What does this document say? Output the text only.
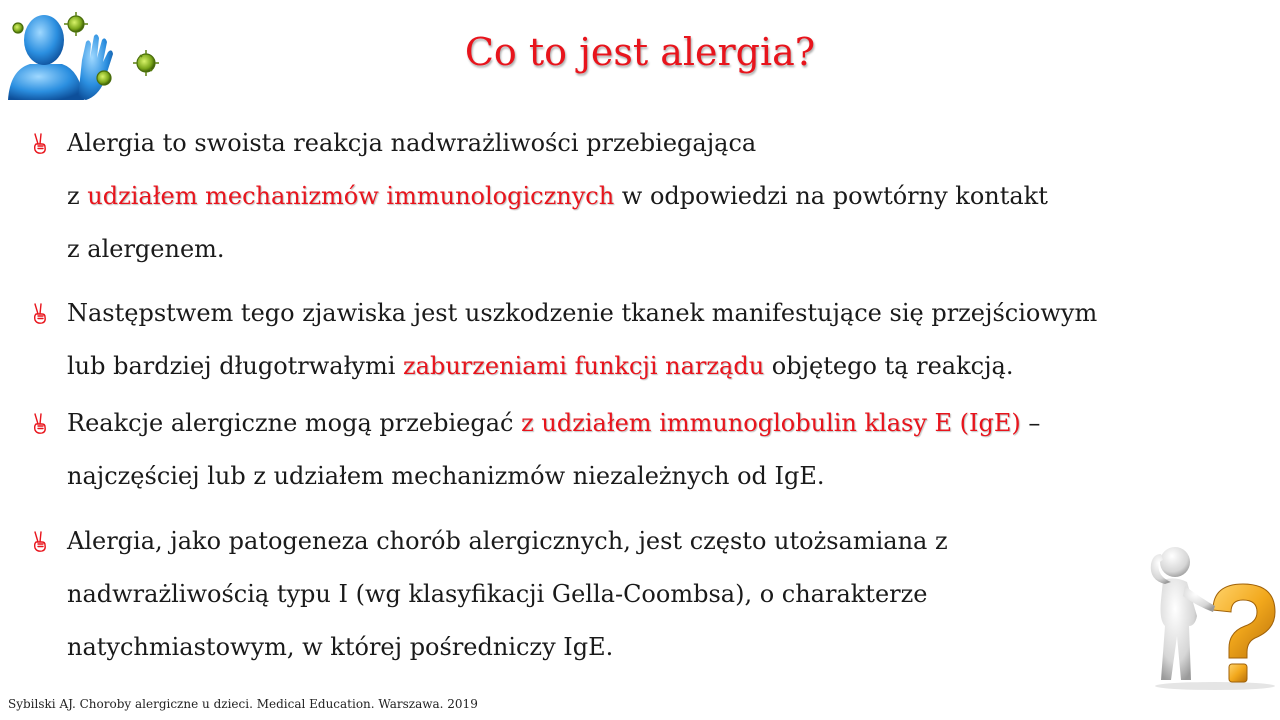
Co to jest alergia?
Alergia to swoista reakcja nadwrażliwości przebiegająca
z udziałem mechanizmów immunologicznych w odpowiedzi na powtórny kontakt
z alergenem.
Następstwem tego zjawiska jest uszkodzenie tkanek manifestujące się przejściowym
lub bardziej długotrwałymi zaburzeniami funkcji narządu objętego tą reakcją.
Reakcje alergiczne mogą przebiegać z udziałem immunoglobulin klasy E (IgE) –
najczęściej lub z udziałem mechanizmów niezależnych od IgE.
Alergia, jako patogeneza chorób alergicznych, jest często utożsamiana z
nadwrażliwością typu I (wg klasyfikacji Gella-Coombsa), o charakterze
natychmiastowym, w której pośredniczy IgE.
Sybilski AJ. Choroby alergiczne u dzieci. Medical Education. Warszawa. 2019
